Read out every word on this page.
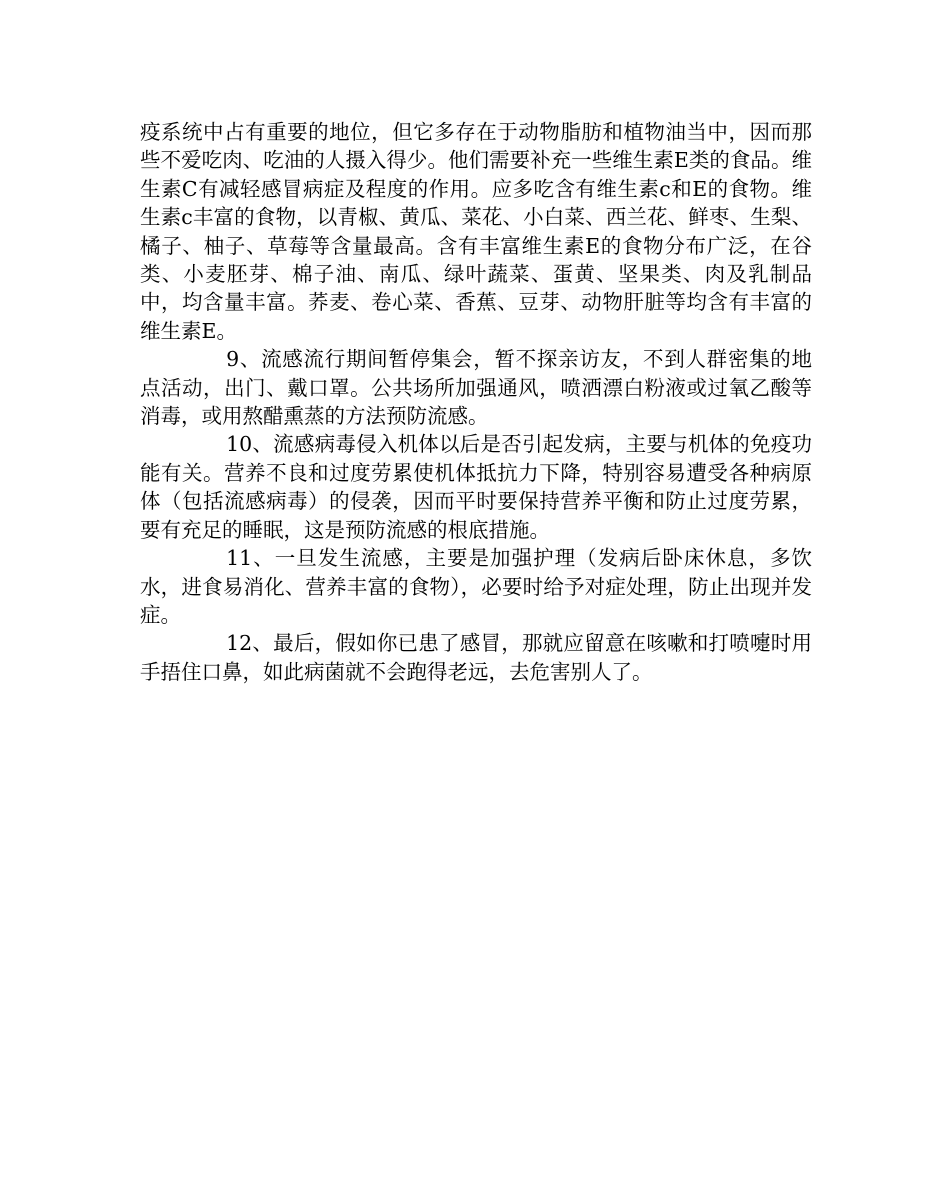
疫系统中占有重要的地位，但它多存在于动物脂肪和植物油当中，因而那些不爱吃肉、吃油的人摄入得少。他们需要补充一些维生素E类的食品。维生素C有减轻感冒病症及程度的作用。应多吃含有维生素c和E的食物。维生素c丰富的食物，以青椒、黄瓜、菜花、小白菜、西兰花、鲜枣、生梨、橘子、柚子、草莓等含量最高。含有丰富维生素E的食物分布广泛，在谷类、小麦胚芽、棉子油、南瓜、绿叶蔬菜、蛋黄、坚果类、肉及乳制品中，均含量丰富。荞麦、卷心菜、香蕉、豆芽、动物肝脏等均含有丰富的维生素E。

9、流感流行期间暂停集会，暂不探亲访友，不到人群密集的地点活动，出门、戴口罩。公共场所加强通风，喷洒漂白粉液或过氧乙酸等消毒，或用熬醋熏蒸的方法预防流感。

10、流感病毒侵入机体以后是否引起发病，主要与机体的免疫功能有关。营养不良和过度劳累使机体抵抗力下降，特别容易遭受各种病原体（包括流感病毒）的侵袭，因而平时要保持营养平衡和防止过度劳累，要有充足的睡眠，这是预防流感的根底措施。

11、一旦发生流感，主要是加强护理（发病后卧床休息，多饮水，进食易消化、营养丰富的食物），必要时给予对症处理，防止出现并发症。

12、最后，假如你已患了感冒，那就应留意在咳嗽和打喷嚏时用手捂住口鼻，如此病菌就不会跑得老远，去危害别人了。
